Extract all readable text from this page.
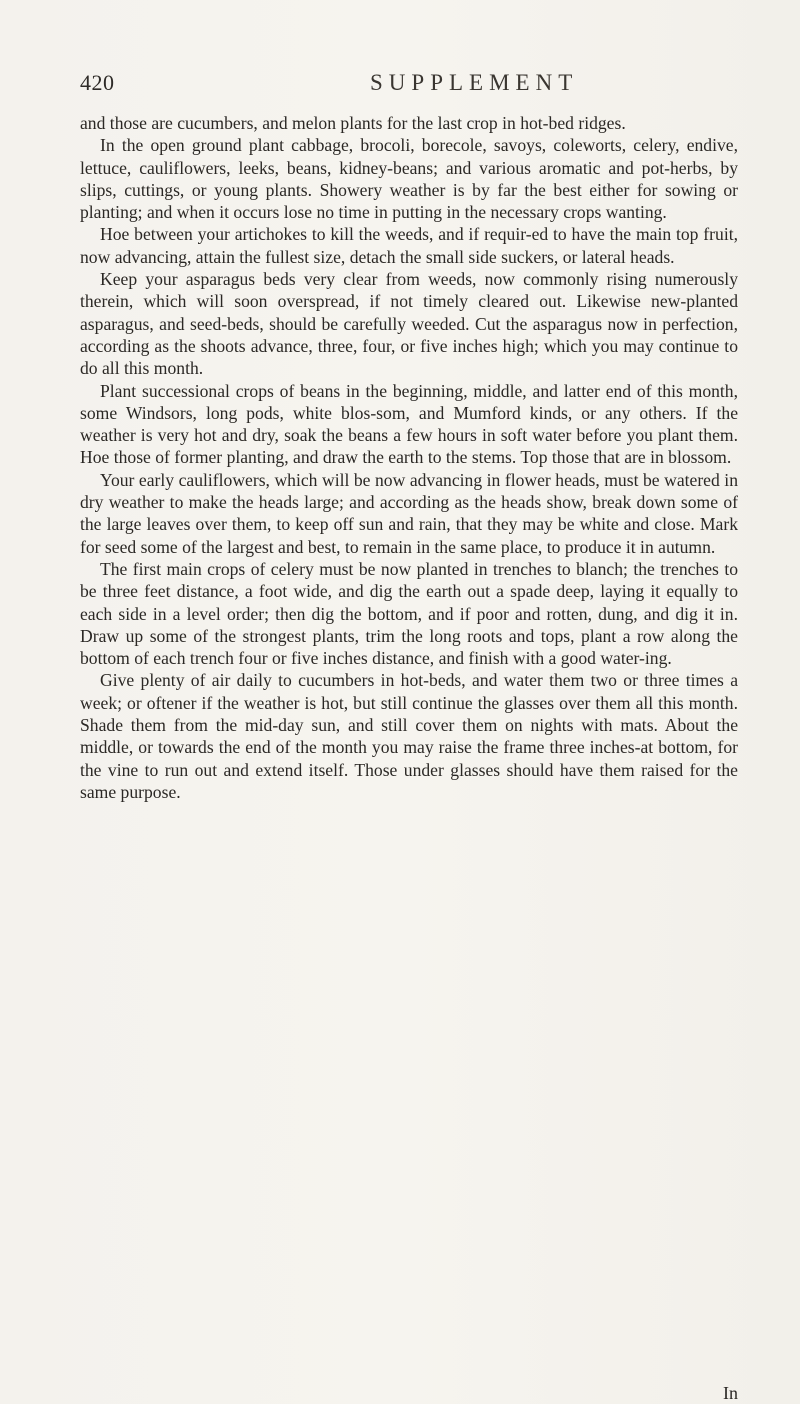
420	SUPPLEMENT

and those are cucumbers, and melon plants for the last crop in hot-bed ridges.

In the open ground plant cabbage, brocoli, borecole, savoys, coleworts, celery, endive, lettuce, cauliflowers, leeks, beans, kidney-beans; and various aromatic and pot-herbs, by slips, cuttings, or young plants. Showery weather is by far the best either for sowing or planting; and when it occurs lose no time in putting in the necessary crops wanting.

Hoe between your artichokes to kill the weeds, and if requir-ed to have the main top fruit, now advancing, attain the fullest size, detach the small side suckers, or lateral heads.

Keep your asparagus beds very clear from weeds, now commonly rising numerously therein, which will soon overspread, if not timely cleared out. Likewise new-planted asparagus, and seed-beds, should be carefully weeded. Cut the asparagus now in perfection, according as the shoots advance, three, four, or five inches high; which you may continue to do all this month.

Plant successional crops of beans in the beginning, middle, and latter end of this month, some Windsors, long pods, white blos-som, and Mumford kinds, or any others. If the weather is very hot and dry, soak the beans a few hours in soft water before you plant them. Hoe those of former planting, and draw the earth to the stems. Top those that are in blossom.

Your early cauliflowers, which will be now advancing in flower heads, must be watered in dry weather to make the heads large; and according as the heads show, break down some of the large leaves over them, to keep off sun and rain, that they may be white and close. Mark for seed some of the largest and best, to remain in the same place, to produce it in autumn.

The first main crops of celery must be now planted in trenches to blanch; the trenches to be three feet distance, a foot wide, and dig the earth out a spade deep, laying it equally to each side in a level order; then dig the bottom, and if poor and rotten, dung, and dig it in. Draw up some of the strongest plants, trim the long roots and tops, plant a row along the bottom of each trench four or five inches distance, and finish with a good water-ing.

Give plenty of air daily to cucumbers in hot-beds, and water them two or three times a week; or oftener if the weather is hot, but still continue the glasses over them all this month. Shade them from the mid-day sun, and still cover them on nights with mats. About the middle, or towards the end of the month you may raise the frame three inches-at bottom, for the vine to run out and extend itself. Those under glasses should have them raised for the same purpose.

In
